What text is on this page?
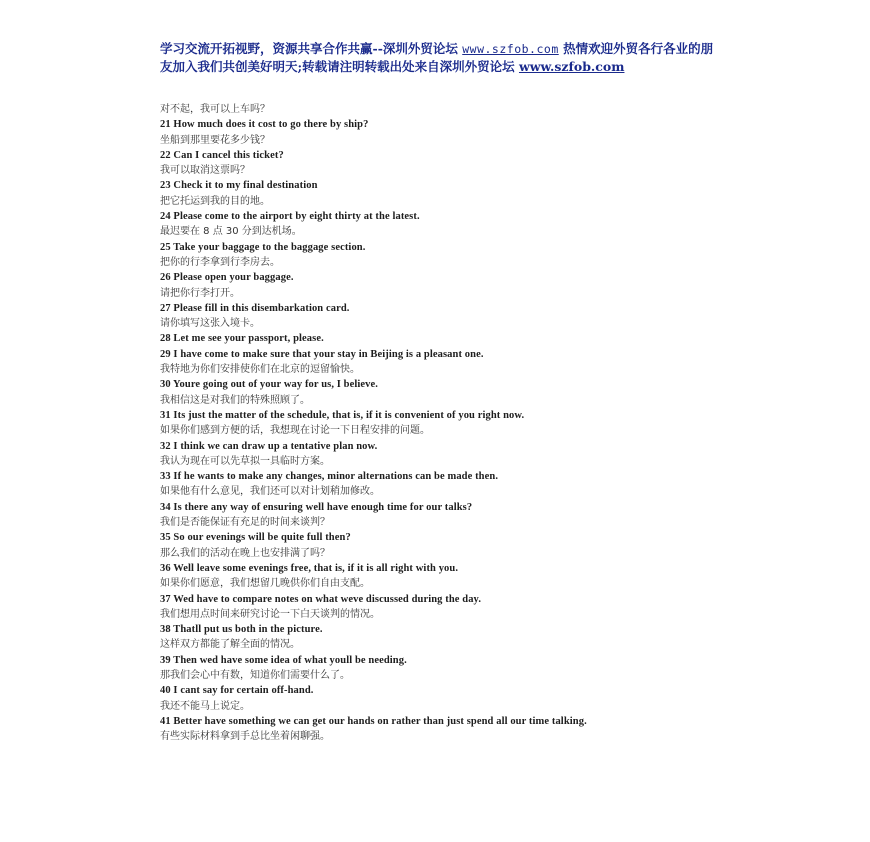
学习交流开拓视野，资源共享合作共赢--深圳外贸论坛 www.szfob.com 热情欢迎外贸各行各业的朋友加入我们共创美好明天;转载请注明转载出处来自深圳外贸论坛 www.szfob.com
对不起，我可以上车吗？
21 How much does it cost to go there by ship?
坐船到那里要花多少钱？
22 Can I cancel this ticket?
我可以取消这票吗？
23 Check it to my final destination
把它托运到我的目的地。
24 Please come to the airport by eight thirty at the latest.
最迟要在 8 点 30 分到达机场。
25 Take your baggage to the baggage section.
把你的行李拿到行李房去。
26 Please open your baggage.
请把你行李打开。
27 Please fill in this disembarkation card.
请你填写这张入境卡。
28 Let me see your passport, please.
29 I have come to make sure that your stay in Beijing is a pleasant one.
我特地为你们安排使你们在北京的逗留愉快。
30 Youre going out of your way for us, I believe.
我相信这是对我们的特殊照顾了。
31 Its just the matter of the schedule, that is, if it is convenient of you right now.
如果你们感到方便的话，我想现在讨论一下日程安排的问题。
32 I think we can draw up a tentative plan now.
我认为现在可以先草拟一具临时方案。
33 If he wants to make any changes, minor alternations can be made then.
如果他有什么意见，我们还可以对计划稍加修改。
34 Is there any way of ensuring well have enough time for our talks?
我们是否能保证有充足的时间来谈判？
35 So our evenings will be quite full then?
那么我们的活动在晚上也安排满了吗？
36 Well leave some evenings free, that is, if it is all right with you.
如果你们愿意，我们想留几晚供你们自由支配。
37 Wed have to compare notes on what weve discussed during the day.
我们想用点时间来研究讨论一下白天谈判的情况。
38 Thatll put us both in the picture.
这样双方都能了解全面的情况。
39 Then wed have some idea of what youll be needing.
那我们会心中有数，知道你们需要什么了。
40 I cant say for certain off-hand.
我还不能马上说定。
41 Better have something we can get our hands on rather than just spend all our time talking.
有些实际材料拿到手总比坐着闲聊强。
